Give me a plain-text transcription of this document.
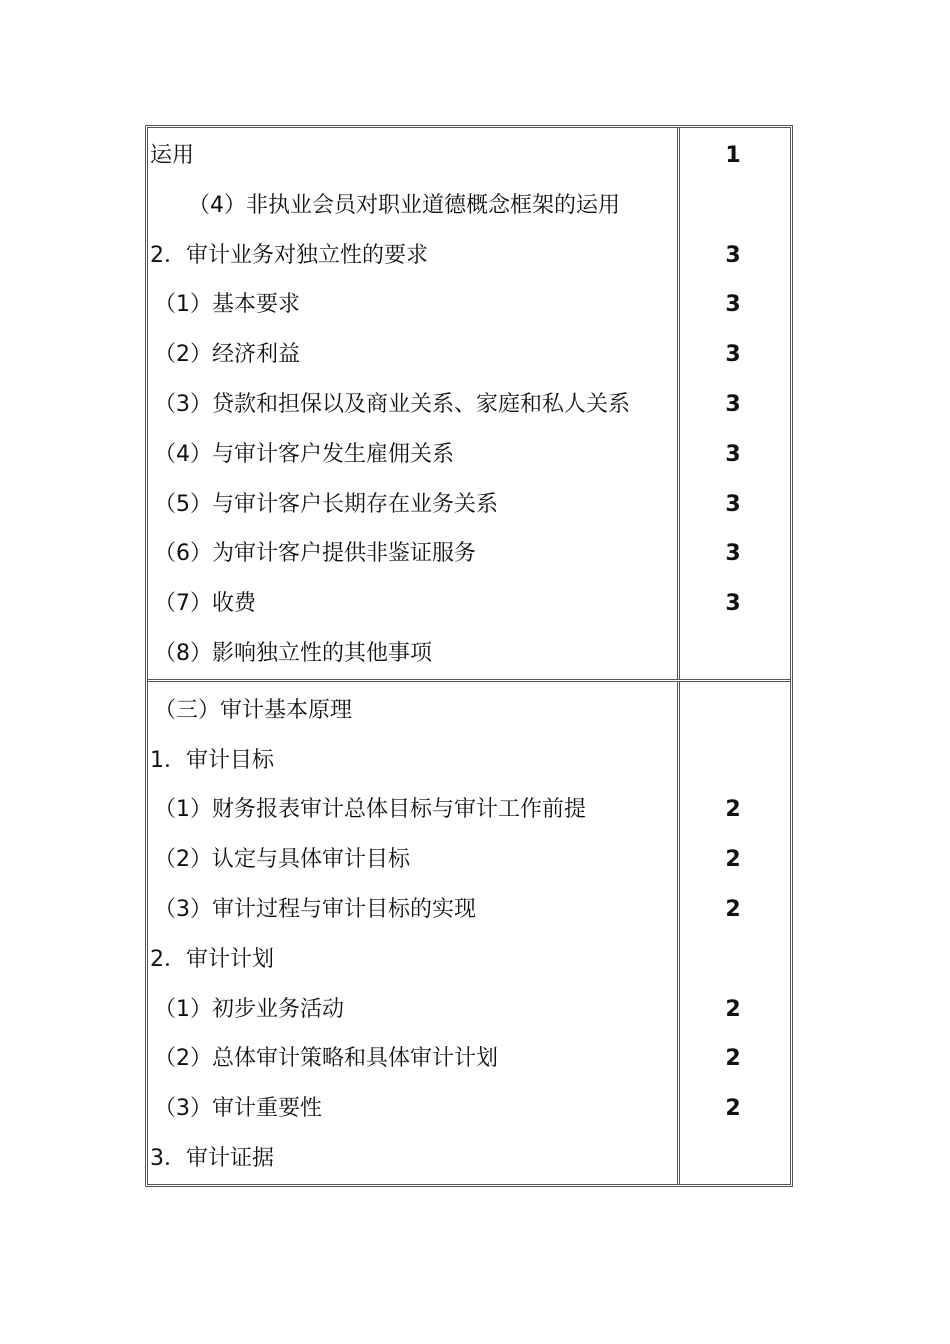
运用
（4）非执业会员对职业道德概念框架的运用
2．审计业务对独立性的要求
（1）基本要求
（2）经济利益
（3）贷款和担保以及商业关系、家庭和私人关系
（4）与审计客户发生雇佣关系
（5）与审计客户长期存在业务关系
（6）为审计客户提供非鉴证服务
（7）收费
（8）影响独立性的其他事项
1
3
3
3
3
3
3
3
3
（三）审计基本原理
1．审计目标
（1）财务报表审计总体目标与审计工作前提
（2）认定与具体审计目标
（3）审计过程与审计目标的实现
2．审计计划
（1）初步业务活动
（2）总体审计策略和具体审计计划
（3）审计重要性
3．审计证据
2
2
2
2
2
2
